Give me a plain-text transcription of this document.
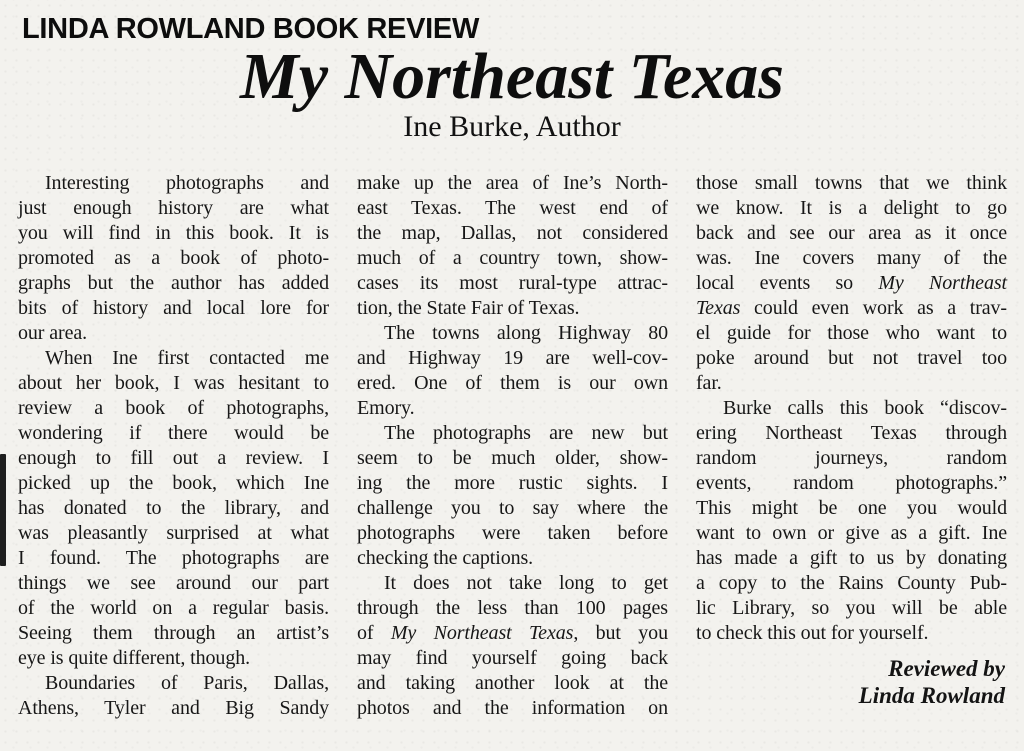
LINDA ROWLAND BOOK REVIEW
My Northeast Texas
Ine Burke, Author
Interesting photographs and
just enough history are what
you will find in this book. It is
promoted as a book of photo-
graphs but the author has added
bits of history and local lore for
our area.
When Ine first contacted me
about her book, I was hesitant to
review a book of photographs,
wondering if there would be
enough to fill out a review. I
picked up the book, which Ine
has donated to the library, and
was pleasantly surprised at what
I found. The photographs are
things we see around our part
of the world on a regular basis.
Seeing them through an artist’s
eye is quite different, though.
Boundaries of Paris, Dallas,
Athens, Tyler and Big Sandy
make up the area of Ine’s North-
east Texas. The west end of
the map, Dallas, not considered
much of a country town, show-
cases its most rural-type attrac-
tion, the State Fair of Texas.
The towns along Highway 80
and Highway 19 are well-cov-
ered. One of them is our own
Emory.
The photographs are new but
seem to be much older, show-
ing the more rustic sights. I
challenge you to say where the
photographs were taken before
checking the captions.
It does not take long to get
through the less than 100 pages
of My Northeast Texas, but you
may find yourself going back
and taking another look at the
photos and the information on
those small towns that we think
we know. It is a delight to go
back and see our area as it once
was. Ine covers many of the
local events so My Northeast
Texas could even work as a trav-
el guide for those who want to
poke around but not travel too
far.
Burke calls this book “discov-
ering Northeast Texas through
random journeys, random
events, random photographs.”
This might be one you would
want to own or give as a gift. Ine
has made a gift to us by donating
a copy to the Rains County Pub-
lic Library, so you will be able
to check this out for yourself.
Reviewed by
Linda Rowland
